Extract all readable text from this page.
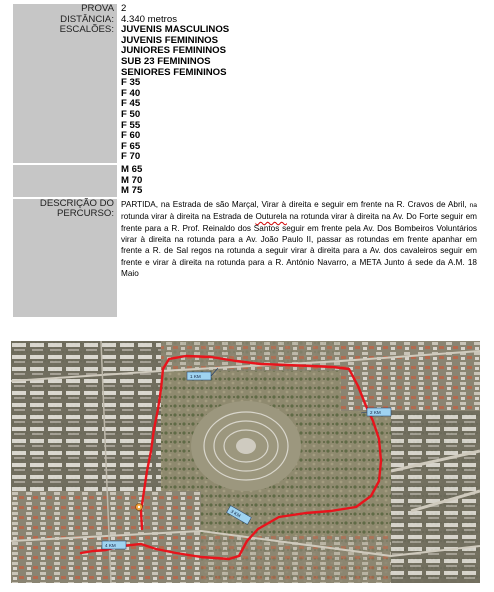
PROVA 2
DISTÂNCIA: 4.340 metros
ESCALÕES: JUVENIS MASCULINOS
JUVENIS FEMININOS
JUNIORES FEMININOS
SUB 23 FEMININOS
SENIORES FEMININOS
F 35
F 40
F 45
F 50
F 55
F 60
F 65
F 70
M 65
M 70
M 75
DESCRIÇÃO DO
PERCURSO:
PARTIDA, na Estrada de são Marçal, Virar à direita e seguir em frente na R. Cravos de Abril, na rotunda virar à direita na Estrada de Outurela na rotunda virar à direita na Av. Do Forte seguir em frente para a R. Prof. Reinaldo dos Santos seguir em frente pela Av. Dos Bombeiros Voluntários virar à direita na rotunda para a Av. João Paulo II, passar as rotundas em frente apanhar em frente a R. de Sal regos na rotunda a seguir virar à direita para a Av. dos cavaleiros seguir em frente e virar à direita na rotunda para a R. António Navarro, a META Junto á sede da A.M. 18 Maio
1 KM
2 KM
3 KM
4 KM
